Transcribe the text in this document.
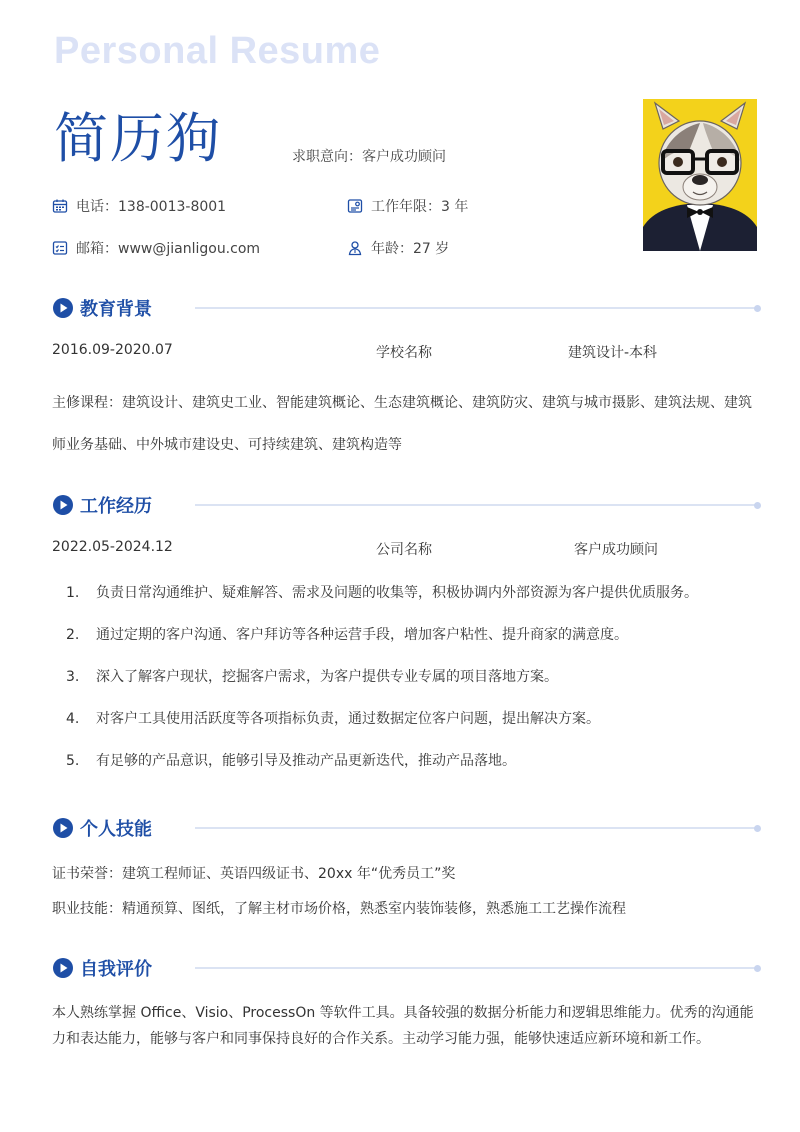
Personal Resume
简历狗	求职意向：客户成功顾问
电话：138-0013-8001	工作年限：3 年
邮箱：www@jianligou.com	年龄：27 岁
教育背景
2016.09-2020.07	学校名称	建筑设计-本科
主修课程：建筑设计、建筑史工业、智能建筑概论、生态建筑概论、建筑防灾、建筑与城市摄影、建筑法规、建筑师业务基础、中外城市建设史、可持续建筑、建筑构造等
工作经历
2022.05-2024.12	公司名称	客户成功顾问
1. 负责日常沟通维护、疑难解答、需求及问题的收集等，积极协调内外部资源为客户提供优质服务。
2. 通过定期的客户沟通、客户拜访等各种运营手段，增加客户粘性、提升商家的满意度。
3. 深入了解客户现状，挖掘客户需求，为客户提供专业专属的项目落地方案。
4. 对客户工具使用活跃度等各项指标负责，通过数据定位客户问题，提出解决方案。
5. 有足够的产品意识，能够引导及推动产品更新迭代，推动产品落地。
个人技能
证书荣誉：建筑工程师证、英语四级证书、20xx 年“优秀员工”奖
职业技能：精通预算、图纸，了解主材市场价格，熟悉室内装饰装修，熟悉施工工艺操作流程
自我评价
本人熟练掌握 Office、Visio、ProcessOn 等软件工具。具备较强的数据分析能力和逻辑思维能力。优秀的沟通能力和表达能力，能够与客户和同事保持良好的合作关系。主动学习能力强，能够快速适应新环境和新工作。
